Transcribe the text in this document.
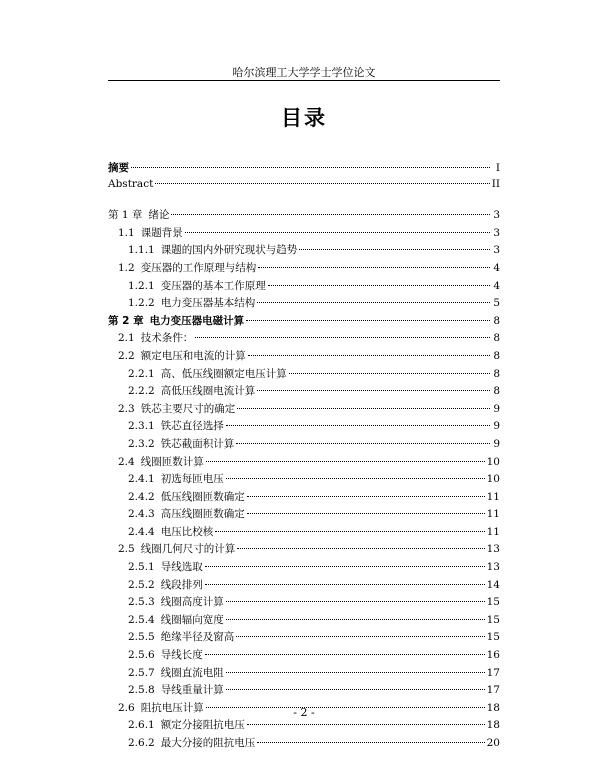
哈尔滨理工大学学士学位论文
目录
摘要	I
Abstract	II
第 1 章 绪论	3
1.1 课题背景	3
1.1.1 课题的国内外研究现状与趋势	3
1.2 变压器的工作原理与结构	4
1.2.1 变压器的基本工作原理	4
1.2.2 电力变压器基本结构	5
第 2 章 电力变压器电磁计算	8
2.1 技术条件：	8
2.2 额定电压和电流的计算	8
2.2.1 高、低压线圈额定电压计算	8
2.2.2 高低压线圈电流计算	8
2.3 铁芯主要尺寸的确定	9
2.3.1 铁芯直径选择	9
2.3.2 铁芯截面积计算	9
2.4 线圈匝数计算	10
2.4.1 初选每匝电压	10
2.4.2 低压线圈匝数确定	11
2.4.3 高压线圈匝数确定	11
2.4.4 电压比校核	11
2.5 线圈几何尺寸的计算	13
2.5.1 导线选取	13
2.5.2 线段排列	14
2.5.3 线圈高度计算	15
2.5.4 线圈辐向宽度	15
2.5.5 绝缘半径及窗高	15
2.5.6 导线长度	16
2.5.7 线圈直流电阻	17
2.5.8 导线重量计算	17
2.6 阻抗电压计算	18
2.6.1 额定分接阻抗电压	18
2.6.2 最大分接的阻抗电压	20
- 2 -
